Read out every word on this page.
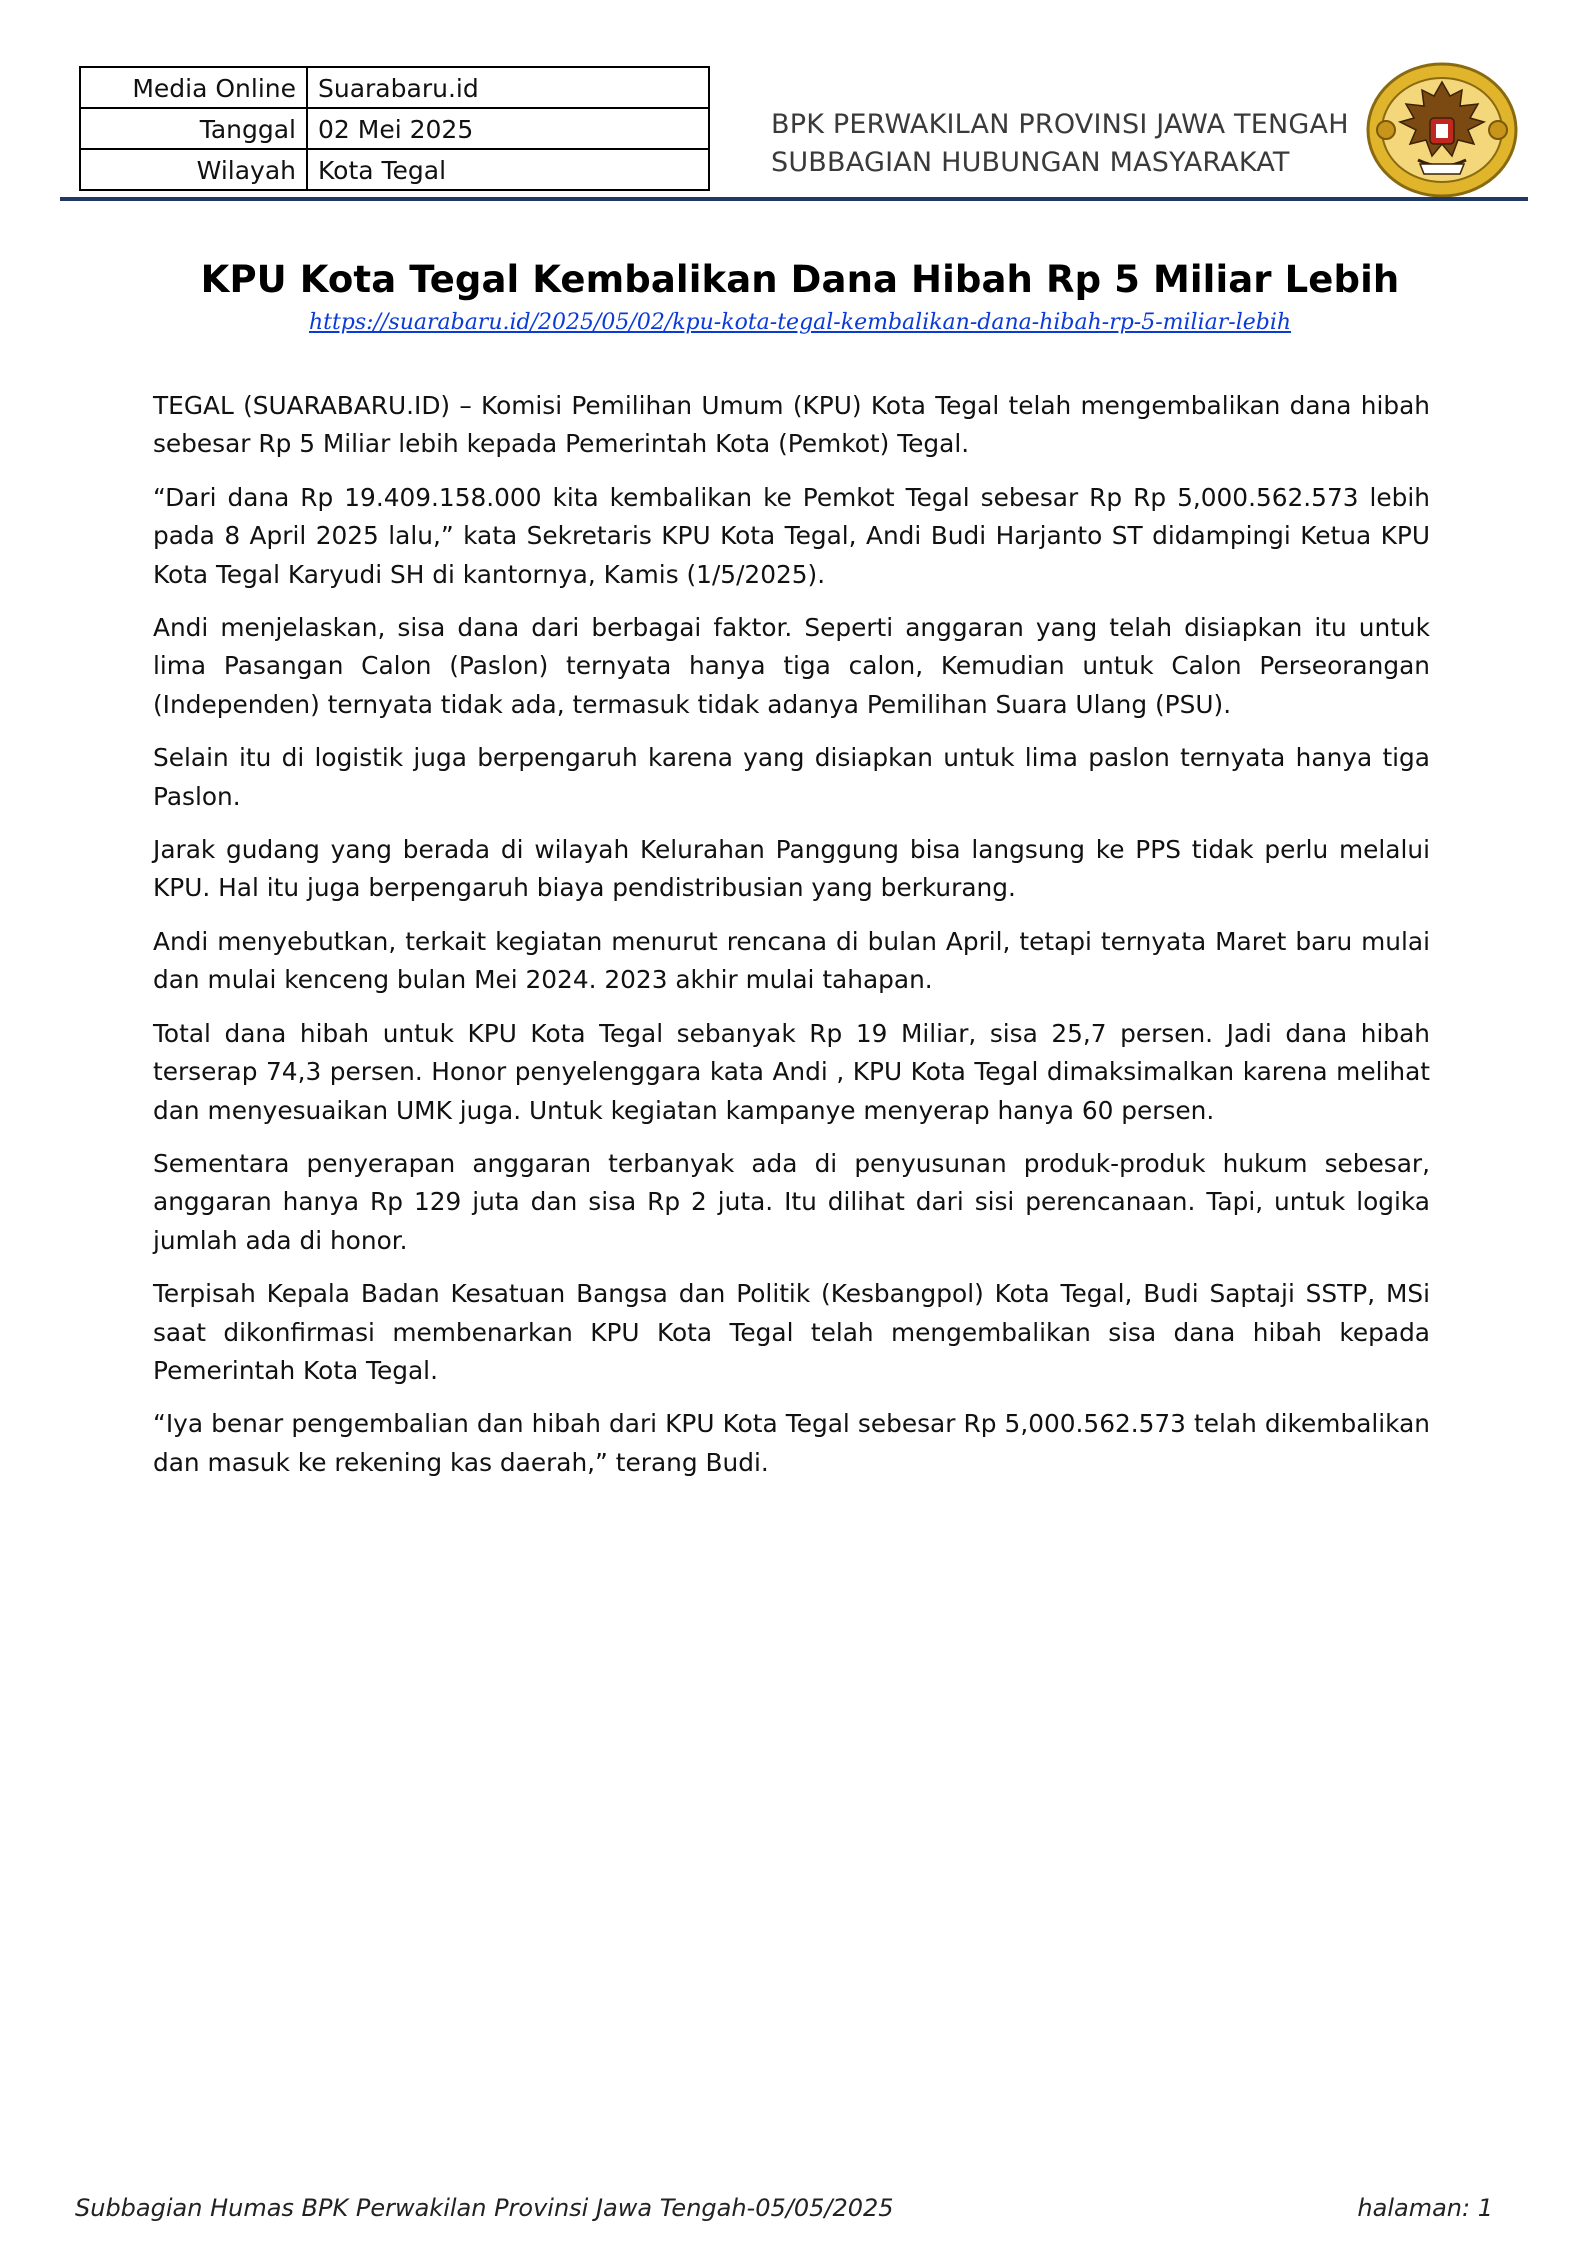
Media Online	Suarabaru.id
Tanggal	02 Mei 2025
Wilayah	Kota Tegal
BPK PERWAKILAN PROVINSI JAWA TENGAH
SUBBAGIAN HUBUNGAN MASYARAKAT
KPU Kota Tegal Kembalikan Dana Hibah Rp 5 Miliar Lebih
https://suarabaru.id/2025/05/02/kpu-kota-tegal-kembalikan-dana-hibah-rp-5-miliar-lebih

TEGAL (SUARABARU.ID) – Komisi Pemilihan Umum (KPU) Kota Tegal telah mengembalikan dana hibah sebesar Rp 5 Miliar lebih kepada Pemerintah Kota (Pemkot) Tegal.

“Dari dana Rp 19.409.158.000 kita kembalikan ke Pemkot Tegal sebesar Rp Rp 5,000.562.573 lebih pada 8 April 2025 lalu,” kata Sekretaris KPU Kota Tegal, Andi Budi Harjanto ST didampingi Ketua KPU Kota Tegal Karyudi SH di kantornya, Kamis (1/5/2025).

Andi menjelaskan, sisa dana dari berbagai faktor. Seperti anggaran yang telah disiapkan itu untuk lima Pasangan Calon (Paslon) ternyata hanya tiga calon, Kemudian untuk Calon Perseorangan (Independen) ternyata tidak ada, termasuk tidak adanya Pemilihan Suara Ulang (PSU).

Selain itu di logistik juga berpengaruh karena yang disiapkan untuk lima paslon ternyata hanya tiga Paslon.

Jarak gudang yang berada di wilayah Kelurahan Panggung bisa langsung ke PPS tidak perlu melalui KPU. Hal itu juga berpengaruh biaya pendistribusian yang berkurang.

Andi menyebutkan, terkait kegiatan menurut rencana di bulan April, tetapi ternyata Maret baru mulai dan mulai kenceng bulan Mei 2024. 2023 akhir mulai tahapan.

Total dana hibah untuk KPU Kota Tegal sebanyak Rp 19 Miliar, sisa 25,7 persen. Jadi dana hibah terserap 74,3 persen. Honor penyelenggara kata Andi , KPU Kota Tegal dimaksimalkan karena melihat dan menyesuaikan UMK juga. Untuk kegiatan kampanye menyerap hanya 60 persen.

Sementara penyerapan anggaran terbanyak ada di penyusunan produk-produk hukum sebesar, anggaran hanya Rp 129 juta dan sisa Rp 2 juta. Itu dilihat dari sisi perencanaan. Tapi, untuk logika jumlah ada di honor.

Terpisah Kepala Badan Kesatuan Bangsa dan Politik (Kesbangpol) Kota Tegal, Budi Saptaji SSTP, MSi saat dikonfirmasi membenarkan KPU Kota Tegal telah mengembalikan sisa dana hibah kepada Pemerintah Kota Tegal.

“Iya benar pengembalian dan hibah dari KPU Kota Tegal sebesar Rp 5,000.562.573 telah dikembalikan dan masuk ke rekening kas daerah,” terang Budi.

Subbagian Humas BPK Perwakilan Provinsi Jawa Tengah-05/05/2025	halaman: 1
